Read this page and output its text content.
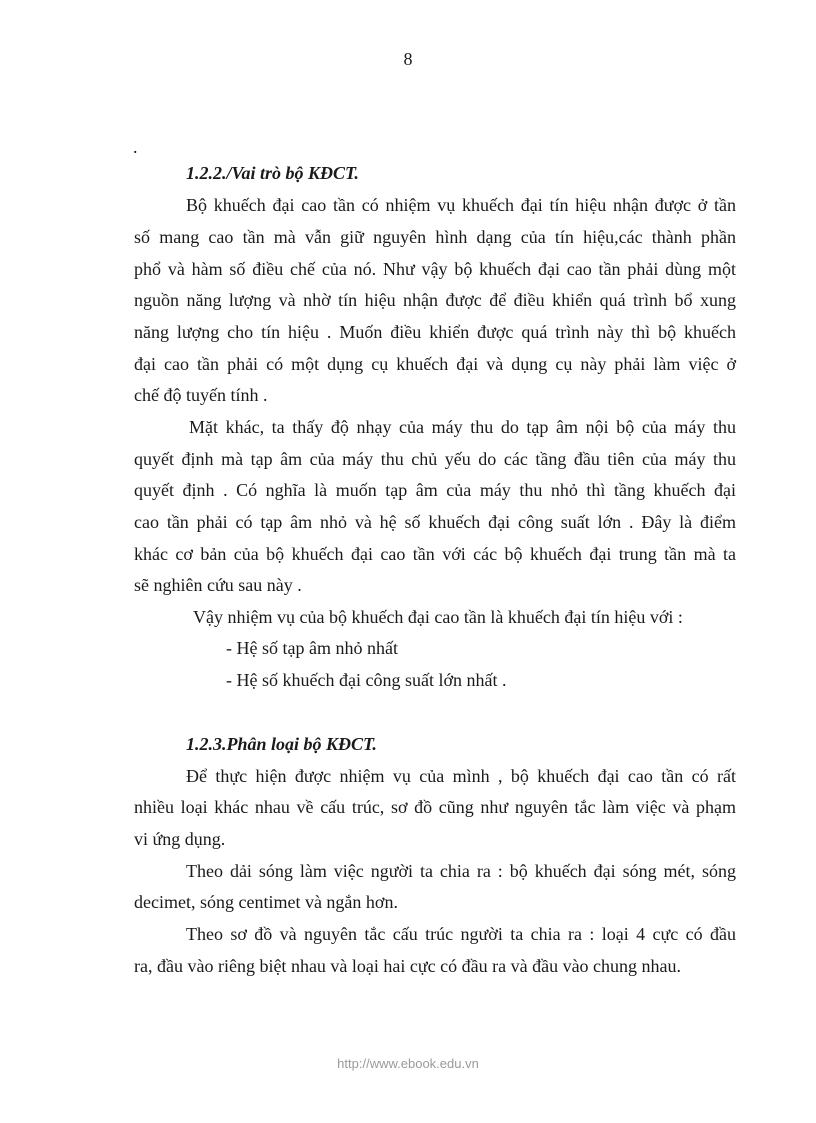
8
.
1.2.2./Vai trò bộ KĐCT.
Bộ khuếch đại cao tần có nhiệm vụ khuếch đại tín hiệu nhận được ở tần
số mang cao tần mà vẫn giữ nguyên hình dạng của tín hiệu,các thành phần
phổ và hàm số điều chế của nó. Như vậy bộ khuếch đại cao tần phải dùng một
nguồn năng lượng và nhờ tín hiệu nhận được để điều khiển quá trình bổ xung
năng lượng cho tín hiệu . Muốn điều khiển được quá trình này thì bộ khuếch
đại cao tần phải có một dụng cụ khuếch đại và dụng cụ này phải làm việc ở
chế độ tuyến tính .
Mặt khác, ta thấy độ nhạy của máy thu do tạp âm nội bộ của máy thu
quyết định mà tạp âm của máy thu chủ yếu do các tầng đầu tiên của máy thu
quyết định . Có nghĩa là muốn tạp âm của máy thu nhỏ thì tầng khuếch đại
cao tần phải có tạp âm nhỏ và hệ số khuếch đại công suất lớn . Đây là điểm
khác cơ bản của bộ khuếch đại cao tần với các bộ khuếch đại trung tần mà ta
sẽ nghiên cứu sau này .
Vậy nhiệm vụ của bộ khuếch đại cao tần là khuếch đại tín hiệu với :
- Hệ số tạp âm nhỏ nhất
- Hệ số khuếch đại công suất lớn nhất .
1.2.3.Phân loại bộ KĐCT.
Để thực hiện được nhiệm vụ của mình , bộ khuếch đại cao tần có rất
nhiều loại khác nhau về cấu trúc, sơ đồ cũng như nguyên tắc làm việc và phạm
vi ứng dụng.
Theo dải sóng làm việc người ta chia ra : bộ khuếch đại sóng mét, sóng
decimet, sóng centimet và ngắn hơn.
Theo sơ đồ và nguyên tắc cấu trúc người ta chia ra : loại 4 cực có đầu
ra, đầu vào riêng biệt nhau và loại hai cực có đầu ra và đầu vào chung nhau.
http://www.ebook.edu.vn
